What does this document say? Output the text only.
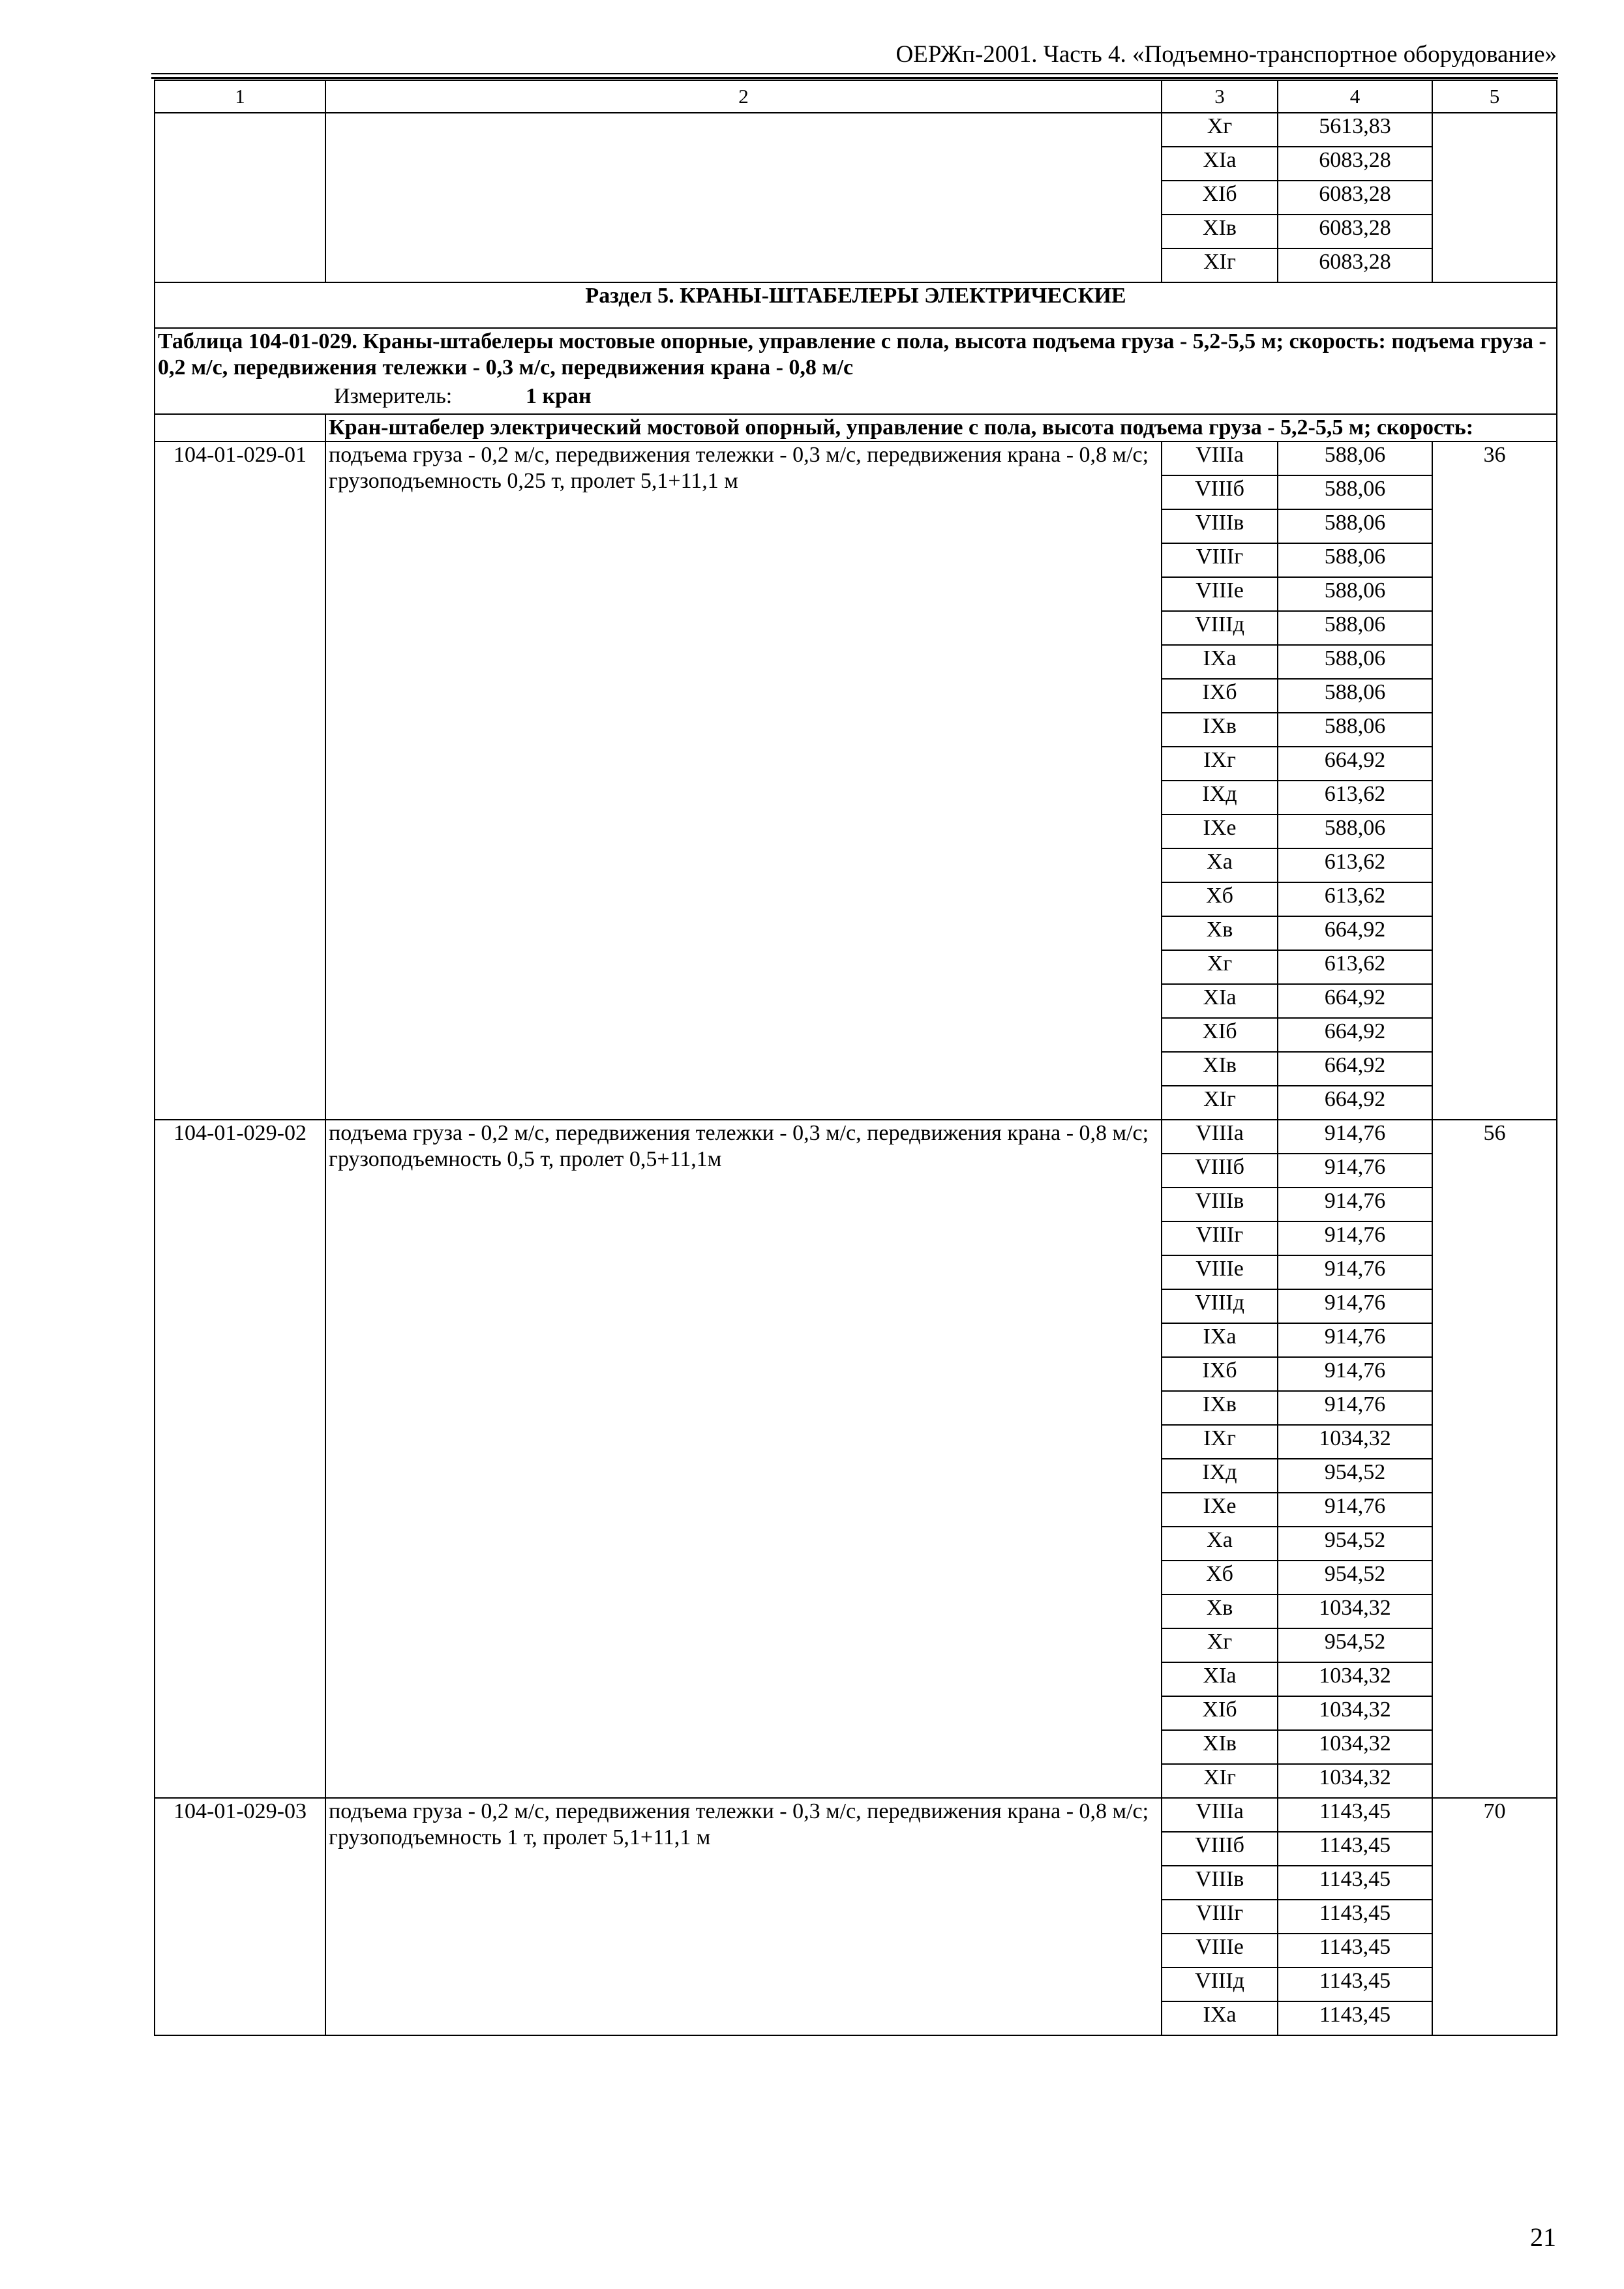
ОЕРЖп-2001. Часть 4. «Подъемно-транспортное оборудование»
1	2	3	4	5
		Xг	5613,83	
		XIа	6083,28	
		XIб	6083,28	
		XIв	6083,28	
		XIг	6083,28	
Раздел 5. КРАНЫ-ШТАБЕЛЕРЫ ЭЛЕКТРИЧЕСКИЕ				

Таблица 104-01-029. Краны-штабелеры мостовые опорные, управление с пола, высота подъема груза - 5,2-5,5 м; скорость: подъема груза - 0,2 м/с, передвижения тележки - 0,3 м/с, передвижения крана - 0,8 м/с
Измеритель: 1 кран				

	Кран-штабелер электрический мостовой опорный, управление с пола, высота подъема груза - 5,2-5,5 м; скорость:			
104-01-029-01	подъема груза - 0,2 м/с, передвижения тележки - 0,3 м/с, передвижения крана - 0,8 м/с; грузоподъемность 0,25 т, пролет 5,1+11,1 м	VIIIа	588,06	36
		VIIIб	588,06	
		VIIIв	588,06	
		VIIIг	588,06	
		VIIIе	588,06	
		VIIIд	588,06	
		IXа	588,06	
		IXб	588,06	
		IXв	588,06	
		IXг	664,92	
		IXд	613,62	
		IXе	588,06	
		Xа	613,62	
		Xб	613,62	
		Xв	664,92	
		Xг	613,62	
		XIа	664,92	
		XIб	664,92	
		XIв	664,92	
		XIг	664,92	
104-01-029-02	подъема груза - 0,2 м/с, передвижения тележки - 0,3 м/с, передвижения крана - 0,8 м/с; грузоподъемность 0,5 т, пролет 0,5+11,1м	VIIIа	914,76	56
		VIIIб	914,76	
		VIIIв	914,76	
		VIIIг	914,76	
		VIIIе	914,76	
		VIIIд	914,76	
		IXа	914,76	
		IXб	914,76	
		IXв	914,76	
		IXг	1034,32	
		IXд	954,52	
		IXе	914,76	
		Xа	954,52	
		Xб	954,52	
		Xв	1034,32	
		Xг	954,52	
		XIа	1034,32	
		XIб	1034,32	
		XIв	1034,32	
		XIг	1034,32	
104-01-029-03	подъема груза - 0,2 м/с, передвижения тележки - 0,3 м/с, передвижения крана - 0,8 м/с; грузоподъемность 1 т, пролет 5,1+11,1 м	VIIIа	1143,45	70
		VIIIб	1143,45	
		VIIIв	1143,45	
		VIIIг	1143,45	
		VIIIе	1143,45	
		VIIIд	1143,45	
		IXа	1143,45	
21
